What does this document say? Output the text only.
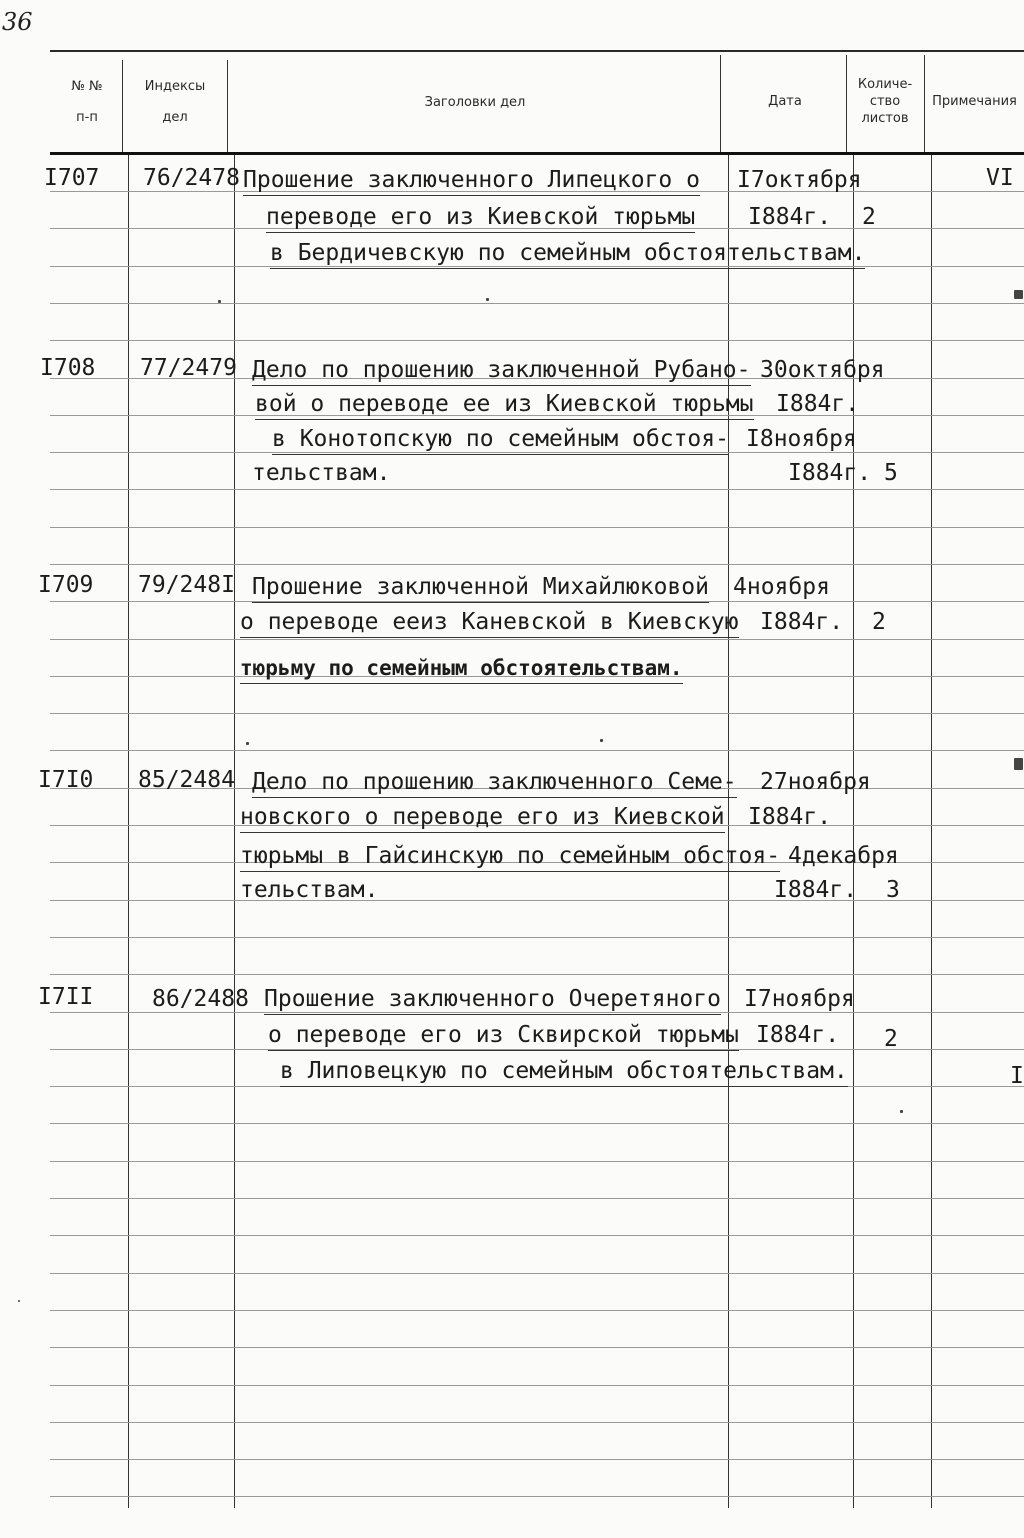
36
№ №
п-п
Индексы
дел
Заголовки дел	Дата
Количе-
ство
листов
Примечания
I707 76/2478 Прошение заключенного Липецкого о
переводе его из Киевской тюрьмы
в Бердичевскую по семейным обстоятельствам.
I7октября
I884г. 2
VI
I708 77/2479 Дело по прошению заключенной Рубано-
вой о переводе ее из Киевской тюрьмы
в Конотопскую по семейным обстоя-
тельствам.
30октября
I884г.
I8ноября
I884г. 5
I709 79/248I Прошение заключенной Михайлюковой
о переводе ееиз Каневской в Киевскую
тюрьму по семейным обстоятельствам.
4ноября
I884г. 2
I7I0 85/2484 Дело по прошению заключенного Семе-
новского о переводе его из Киевской
тюрьмы в Гайсинскую по семейным обстоя-
тельствам.
27ноября
I884г.
4декабря
I884г. 3
I7II	86/2488 Прошение заключенного Очеретяного
о переводе его из Сквирской тюрьмы
в Липовецкую по семейным обстоятельствам.
I7ноября
I884г. 2
I
